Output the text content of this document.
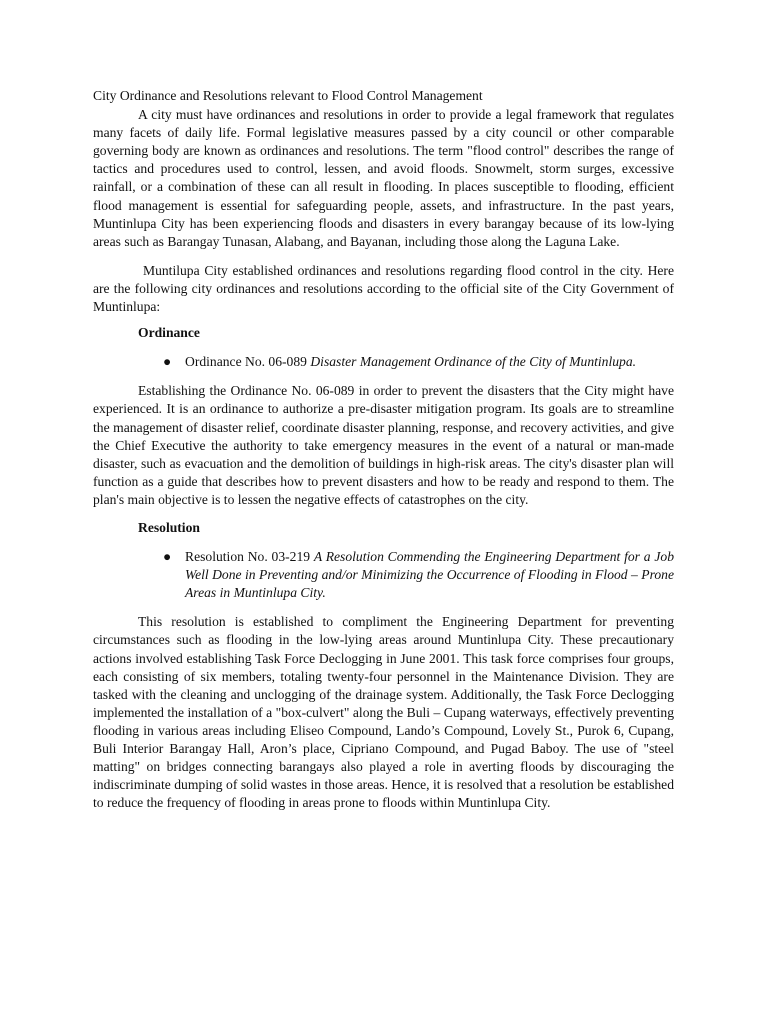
City Ordinance and Resolutions relevant to Flood Control Management

A city must have ordinances and resolutions in order to provide a legal framework that regulates many facets of daily life. Formal legislative measures passed by a city council or other comparable governing body are known as ordinances and resolutions. The term "flood control" describes the range of tactics and procedures used to control, lessen, and avoid floods. Snowmelt, storm surges, excessive rainfall, or a combination of these can all result in flooding. In places susceptible to flooding, efficient flood management is essential for safeguarding people, assets, and infrastructure. In the past years, Muntinlupa City has been experiencing floods and disasters in every barangay because of its low-lying areas such as Barangay Tunasan, Alabang, and Bayanan, including those along the Laguna Lake.

Muntilupa City established ordinances and resolutions regarding flood control in the city. Here are the following city ordinances and resolutions according to the official site of the City Government of Muntinlupa:

Ordinance
● Ordinance No. 06-089 Disaster Management Ordinance of the City of Muntinlupa.

Establishing the Ordinance No. 06-089 in order to prevent the disasters that the City might have experienced. It is an ordinance to authorize a pre-disaster mitigation program. Its goals are to streamline the management of disaster relief, coordinate disaster planning, response, and recovery activities, and give the Chief Executive the authority to take emergency measures in the event of a natural or man-made disaster, such as evacuation and the demolition of buildings in high-risk areas. The city's disaster plan will function as a guide that describes how to prevent disasters and how to be ready and respond to them. The plan's main objective is to lessen the negative effects of catastrophes on the city.

Resolution
● Resolution No. 03-219 A Resolution Commending the Engineering Department for a Job Well Done in Preventing and/or Minimizing the Occurrence of Flooding in Flood – Prone Areas in Muntinlupa City.

This resolution is established to compliment the Engineering Department for preventing circumstances such as flooding in the low-lying areas around Muntinlupa City. These precautionary actions involved establishing Task Force Declogging in June 2001. This task force comprises four groups, each consisting of six members, totaling twenty-four personnel in the Maintenance Division. They are tasked with the cleaning and unclogging of the drainage system. Additionally, the Task Force Declogging implemented the installation of a "box-culvert" along the Buli – Cupang waterways, effectively preventing flooding in various areas including Eliseo Compound, Lando’s Compound, Lovely St., Purok 6, Cupang, Buli Interior Barangay Hall, Aron’s place, Cipriano Compound, and Pugad Baboy. The use of "steel matting" on bridges connecting barangays also played a role in averting floods by discouraging the indiscriminate dumping of solid wastes in those areas. Hence, it is resolved that a resolution be established to reduce the frequency of flooding in areas prone to floods within Muntinlupa City.
